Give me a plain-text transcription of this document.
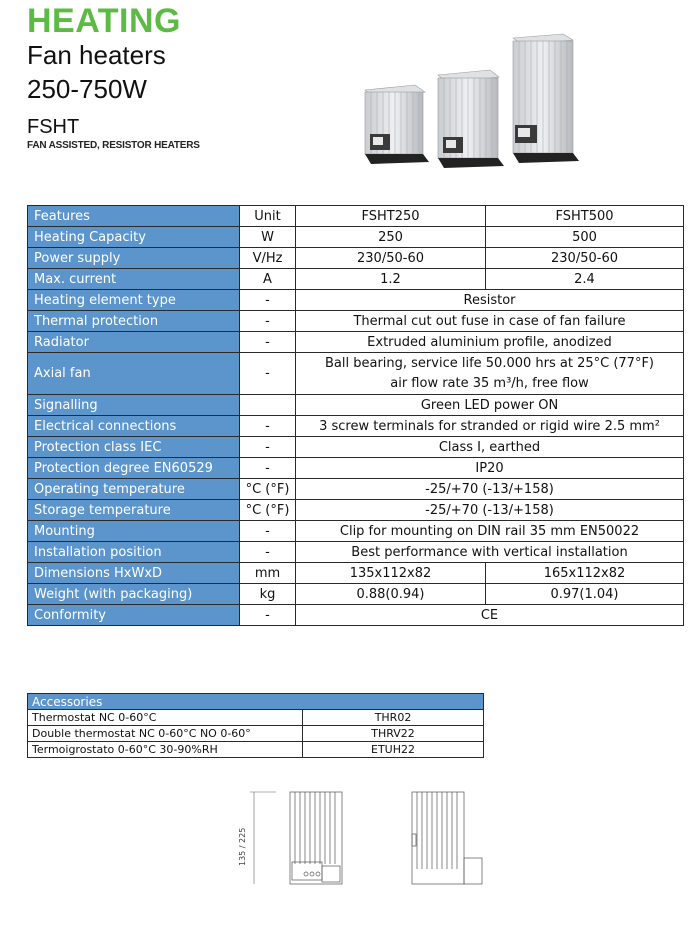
HEATING
Fan heaters
250-750W
FSHT
FAN ASSISTED, RESISTOR HEATERS
Features	Unit	FSHT250	FSHT500
Heating Capacity	W	250	500
Power supply	V/Hz	230/50-60	230/50-60
Max. current	A	1.2	2.4
Heating element type	-	Resistor	
Thermal protection	-	Thermal cut out fuse in case of fan failure	
Radiator	-	Extruded aluminium profile, anodized	
Axial fan	-	Ball bearing, service life 50.000 hrs at 25°C (77°F)
air flow rate 35 m³/h, free flow	

Signalling		Green LED power ON	
Electrical connections	-	3 screw terminals for stranded or rigid wire 2.5 mm²	
Protection class IEC	-	Class I, earthed	
Protection degree EN60529	-	IP20	
Operating temperature	°C (°F)	-25/+70 (-13/+158)	
Storage temperature	°C (°F)	-25/+70 (-13/+158)	
Mounting	-	Clip for mounting on DIN rail 35 mm EN50022	
Installation position	-	Best performance with vertical installation	
Dimensions HxWxD	mm	135x112x82	165x112x82
Weight (with packaging)	kg	0.88(0.94)	0.97(1.04)
Conformity	-	CE	
Accessories	
Thermostat NC 0-60°C	THR02
Double thermostat NC 0-60°C NO 0-60°	THRV22
Termoigrostato 0-60°C 30-90%RH	ETUH22
135 / 225
